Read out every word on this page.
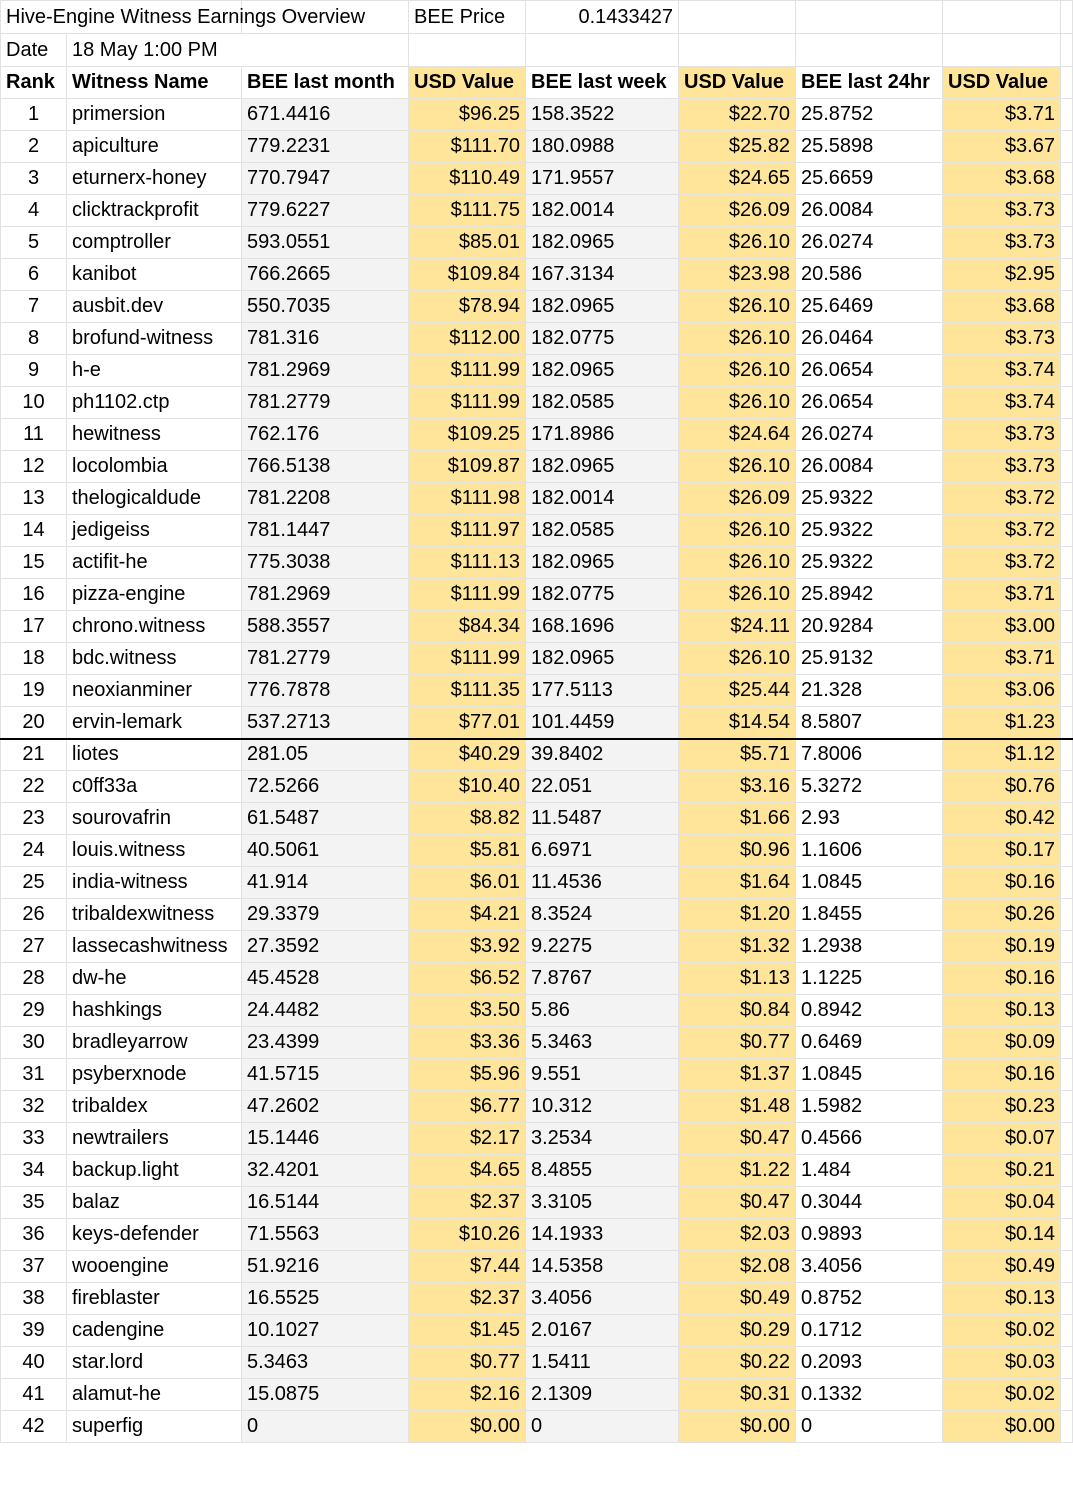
Hive-Engine Witness Earnings Overview			BEE Price	0.1433427				
Date	18 May 1:00 PM							
Rank	Witness Name	BEE last month	USD Value	BEE last week	USD Value	BEE last 24hr	USD Value	
1	primersion	671.4416	$96.25	158.3522	$22.70	25.8752	$3.71	
2	apiculture	779.2231	$111.70	180.0988	$25.82	25.5898	$3.67	
3	eturnerx-honey	770.7947	$110.49	171.9557	$24.65	25.6659	$3.68	
4	clicktrackprofit	779.6227	$111.75	182.0014	$26.09	26.0084	$3.73	
5	comptroller	593.0551	$85.01	182.0965	$26.10	26.0274	$3.73	
6	kanibot	766.2665	$109.84	167.3134	$23.98	20.586	$2.95	
7	ausbit.dev	550.7035	$78.94	182.0965	$26.10	25.6469	$3.68	
8	brofund-witness	781.316	$112.00	182.0775	$26.10	26.0464	$3.73	
9	h-e	781.2969	$111.99	182.0965	$26.10	26.0654	$3.74	
10	ph1102.ctp	781.2779	$111.99	182.0585	$26.10	26.0654	$3.74	
11	hewitness	762.176	$109.25	171.8986	$24.64	26.0274	$3.73	
12	locolombia	766.5138	$109.87	182.0965	$26.10	26.0084	$3.73	
13	thelogicaldude	781.2208	$111.98	182.0014	$26.09	25.9322	$3.72	
14	jedigeiss	781.1447	$111.97	182.0585	$26.10	25.9322	$3.72	
15	actifit-he	775.3038	$111.13	182.0965	$26.10	25.9322	$3.72	
16	pizza-engine	781.2969	$111.99	182.0775	$26.10	25.8942	$3.71	
17	chrono.witness	588.3557	$84.34	168.1696	$24.11	20.9284	$3.00	
18	bdc.witness	781.2779	$111.99	182.0965	$26.10	25.9132	$3.71	
19	neoxianminer	776.7878	$111.35	177.5113	$25.44	21.328	$3.06	
20	ervin-lemark	537.2713	$77.01	101.4459	$14.54	8.5807	$1.23	
21	liotes	281.05	$40.29	39.8402	$5.71	7.8006	$1.12	
22	c0ff33a	72.5266	$10.40	22.051	$3.16	5.3272	$0.76	
23	sourovafrin	61.5487	$8.82	11.5487	$1.66	2.93	$0.42	
24	louis.witness	40.5061	$5.81	6.6971	$0.96	1.1606	$0.17	
25	india-witness	41.914	$6.01	11.4536	$1.64	1.0845	$0.16	
26	tribaldexwitness	29.3379	$4.21	8.3524	$1.20	1.8455	$0.26	
27	lassecashwitness	27.3592	$3.92	9.2275	$1.32	1.2938	$0.19	
28	dw-he	45.4528	$6.52	7.8767	$1.13	1.1225	$0.16	
29	hashkings	24.4482	$3.50	5.86	$0.84	0.8942	$0.13	
30	bradleyarrow	23.4399	$3.36	5.3463	$0.77	0.6469	$0.09	
31	psyberxnode	41.5715	$5.96	9.551	$1.37	1.0845	$0.16	
32	tribaldex	47.2602	$6.77	10.312	$1.48	1.5982	$0.23	
33	newtrailers	15.1446	$2.17	3.2534	$0.47	0.4566	$0.07	
34	backup.light	32.4201	$4.65	8.4855	$1.22	1.484	$0.21	
35	balaz	16.5144	$2.37	3.3105	$0.47	0.3044	$0.04	
36	keys-defender	71.5563	$10.26	14.1933	$2.03	0.9893	$0.14	
37	wooengine	51.9216	$7.44	14.5358	$2.08	3.4056	$0.49	
38	fireblaster	16.5525	$2.37	3.4056	$0.49	0.8752	$0.13	
39	cadengine	10.1027	$1.45	2.0167	$0.29	0.1712	$0.02	
40	star.lord	5.3463	$0.77	1.5411	$0.22	0.2093	$0.03	
41	alamut-he	15.0875	$2.16	2.1309	$0.31	0.1332	$0.02	
42	superfig	0	$0.00	0	$0.00	0	$0.00	
